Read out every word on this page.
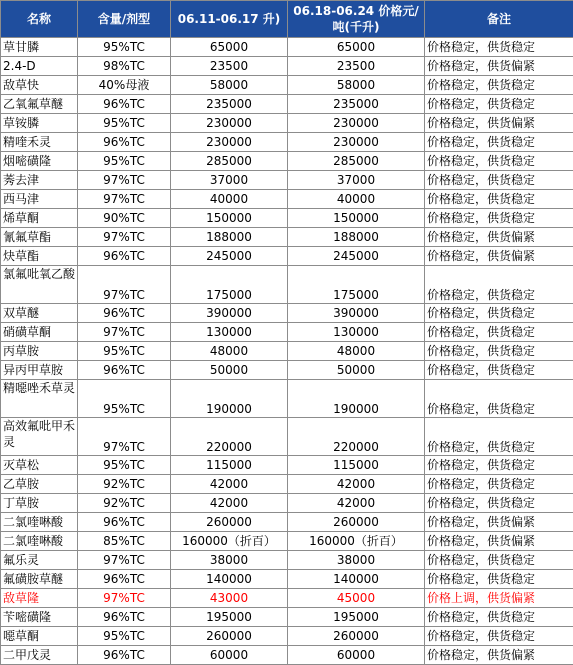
名称	含量/剂型	06.11-06.17 升)	06.18-06.24 价格元/吨(千升)	备注
草甘膦	95%TC	65000	65000	价格稳定，供货稳定
2.4-D	98%TC	23500	23500	价格稳定，供货偏紧
敌草快	40%母液	58000	58000	价格稳定，供货稳定
乙氧氟草醚	96%TC	235000	235000	价格稳定，供货稳定
草铵膦	95%TC	230000	230000	价格稳定，供货偏紧
精喹禾灵	96%TC	230000	230000	价格稳定，供货稳定
烟嘧磺隆	95%TC	285000	285000	价格稳定，供货稳定
莠去津	97%TC	37000	37000	价格稳定，供货稳定
西马津	97%TC	40000	40000	价格稳定，供货稳定
烯草酮	90%TC	150000	150000	价格稳定，供货稳定
氰氟草酯	97%TC	188000	188000	价格稳定，供货偏紧
炔草酯	96%TC	245000	245000	价格稳定，供货偏紧
氯氟吡氧乙酸	97%TC	175000	175000	价格稳定，供货稳定
双草醚	96%TC	390000	390000	价格稳定，供货稳定
硝磺草酮	97%TC	130000	130000	价格稳定，供货稳定
丙草胺	95%TC	48000	48000	价格稳定，供货稳定
异丙甲草胺	96%TC	50000	50000	价格稳定，供货稳定
精噁唑禾草灵	95%TC	190000	190000	价格稳定，供货稳定
高效氟吡甲禾灵	97%TC	220000	220000	价格稳定，供货稳定
灭草松	95%TC	115000	115000	价格稳定，供货稳定
乙草胺	92%TC	42000	42000	价格稳定，供货稳定
丁草胺	92%TC	42000	42000	价格稳定，供货稳定
二氯喹啉酸	96%TC	260000	260000	价格稳定，供货偏紧
二氯喹啉酸	85%TC	160000（折百）	160000（折百）	价格稳定，供货偏紧
氟乐灵	97%TC	38000	38000	价格稳定，供货稳定
氟磺胺草醚	96%TC	140000	140000	价格稳定，供货稳定
敌草隆	97%TC	43000	45000	价格上调，供货偏紧
苄嘧磺隆	96%TC	195000	195000	价格稳定，供货稳定
噁草酮	95%TC	260000	260000	价格稳定，供货稳定
二甲戊灵	96%TC	60000	60000	价格稳定，供货偏紧
